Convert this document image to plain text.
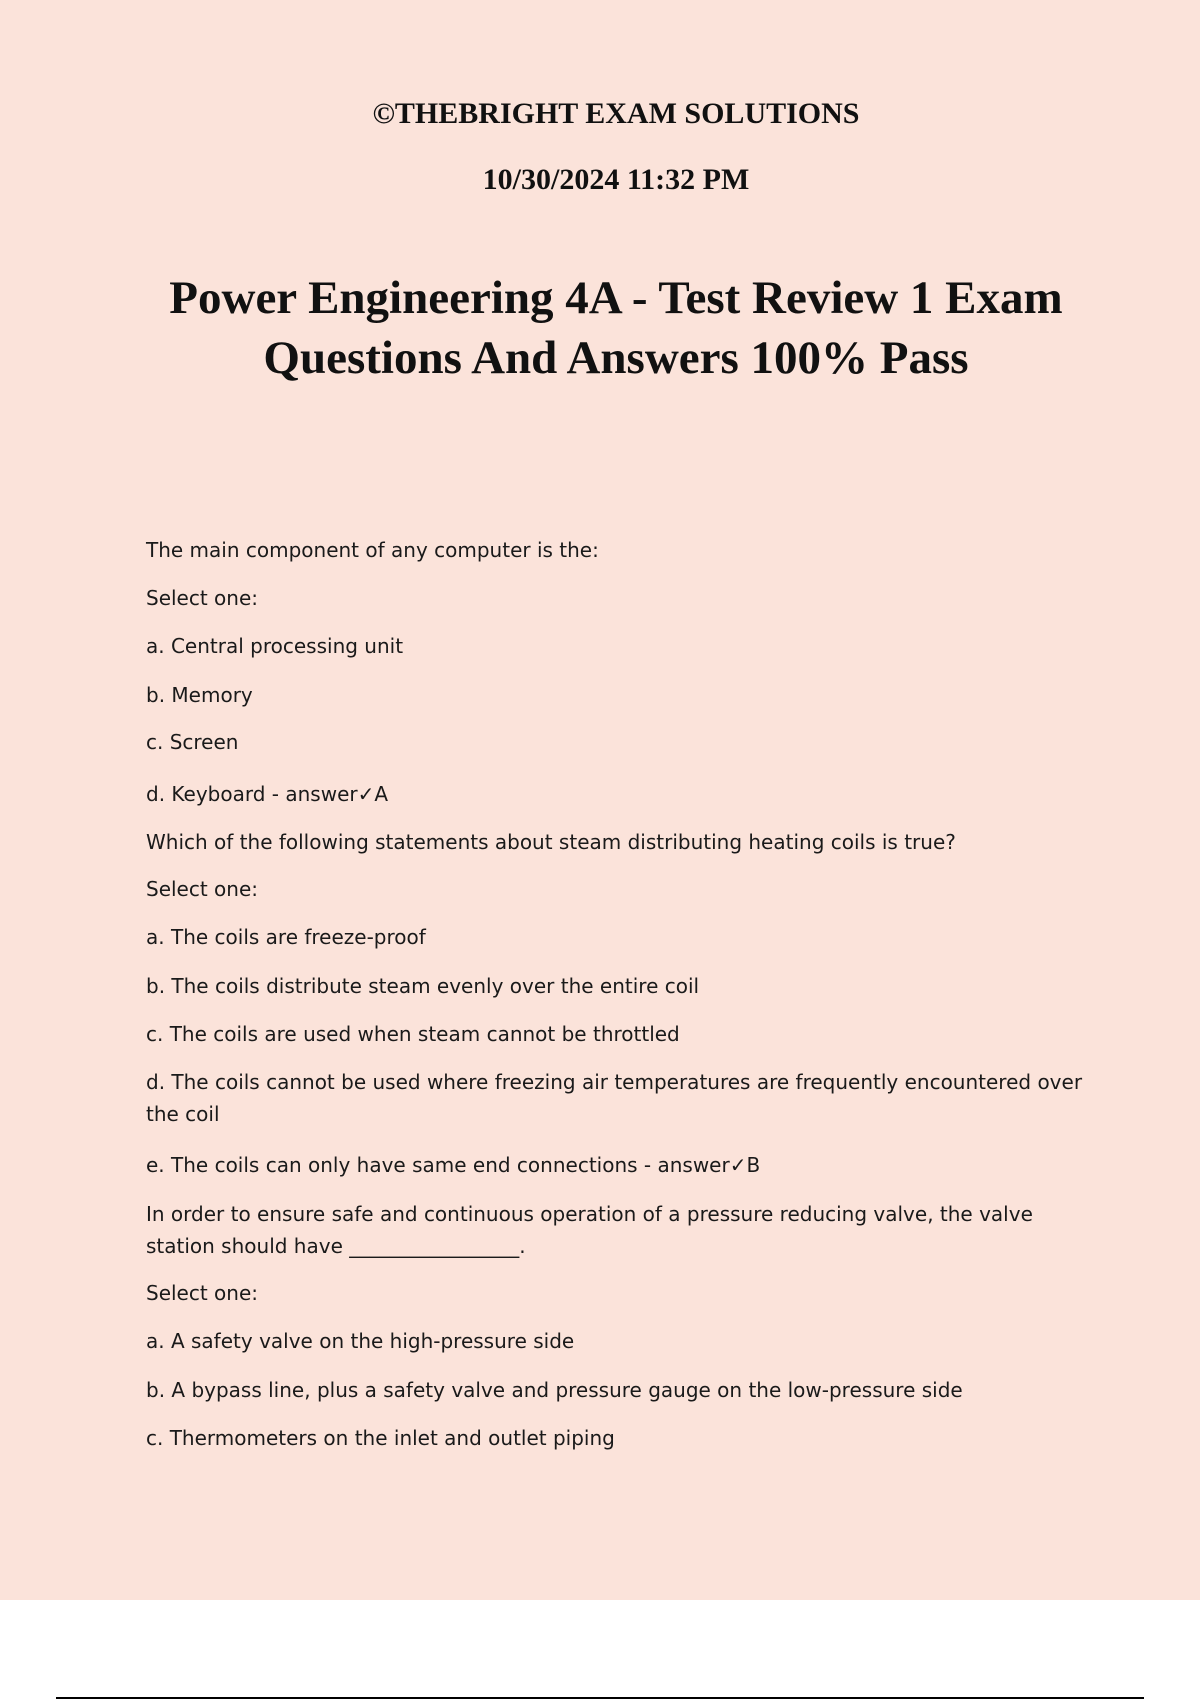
©THEBRIGHT EXAM SOLUTIONS

10/30/2024 11:32 PM

Power Engineering 4A - Test Review 1 Exam
Questions And Answers 100% Pass

The main component of any computer is the:

Select one:

a. Central processing unit

b. Memory

c. Screen

d. Keyboard - answer✓A

Which of the following statements about steam distributing heating coils is true?

Select one:

a. The coils are freeze-proof

b. The coils distribute steam evenly over the entire coil

c. The coils are used when steam cannot be throttled

d. The coils cannot be used where freezing air temperatures are frequently encountered over the coil

e. The coils can only have same end connections - answer✓B

In order to ensure safe and continuous operation of a pressure reducing valve, the valve station should have _________________.

Select one:

a. A safety valve on the high-pressure side

b. A bypass line, plus a safety valve and pressure gauge on the low-pressure side

c. Thermometers on the inlet and outlet piping
